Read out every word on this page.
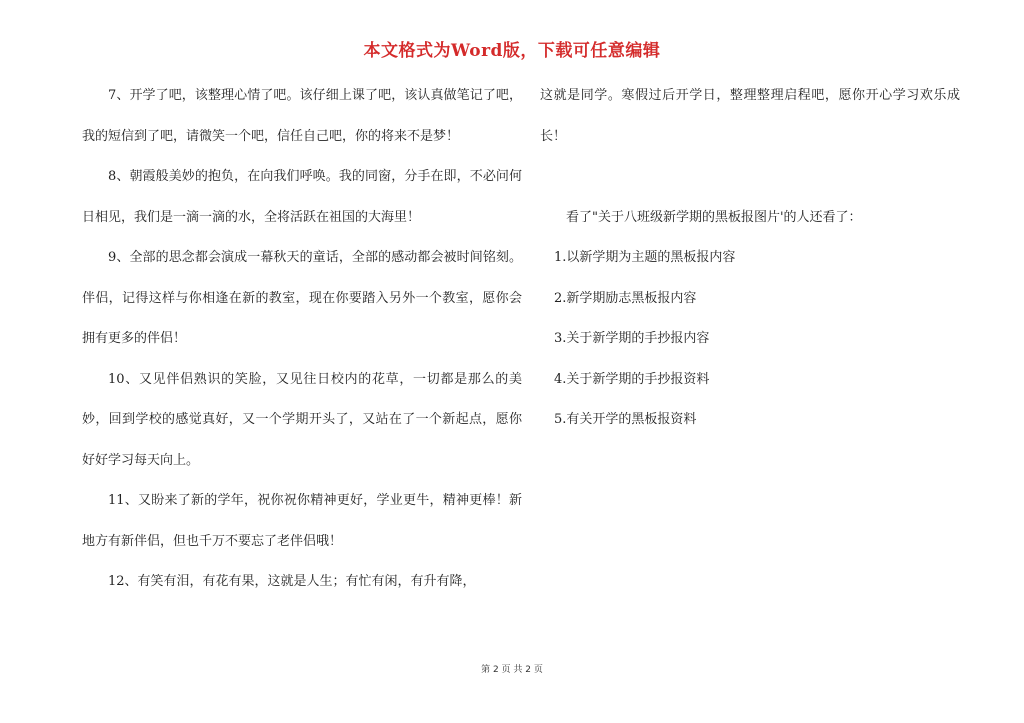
本文格式为Word版，下载可任意编辑

7、开学了吧，该整理心情了吧。该仔细上课了吧，该认真做笔记了吧，我的短信到了吧，请微笑一个吧，信任自己吧，你的将来不是梦！

8、朝霞般美妙的抱负，在向我们呼唤。我的同窗，分手在即，不必问何日相见，我们是一滴一滴的水，全将活跃在祖国的大海里！

9、全部的思念都会演成一幕秋天的童话，全部的感动都会被时间铭刻。伴侣，记得这样与你相逢在新的教室，现在你要踏入另外一个教室，愿你会拥有更多的伴侣！

10、又见伴侣熟识的笑脸，又见往日校内的花草，一切都是那么的美妙，回到学校的感觉真好，又一个学期开头了，又站在了一个新起点，愿你好好学习每天向上。

11、又盼来了新的学年，祝你祝你精神更好，学业更牛，精神更棒！新地方有新伴侣，但也千万不要忘了老伴侣哦！

12、有笑有泪，有花有果，这就是人生；有忙有闲，有升有降，

这就是同学。寒假过后开学日，整理整理启程吧，愿你开心学习欢乐成长！

看了"关于八班级新学期的黑板报图片'的人还看了：

1.以新学期为主题的黑板报内容
2.新学期励志黑板报内容
3.关于新学期的手抄报内容
4.关于新学期的手抄报资料
5.有关开学的黑板报资料
第 2 页 共 2 页
